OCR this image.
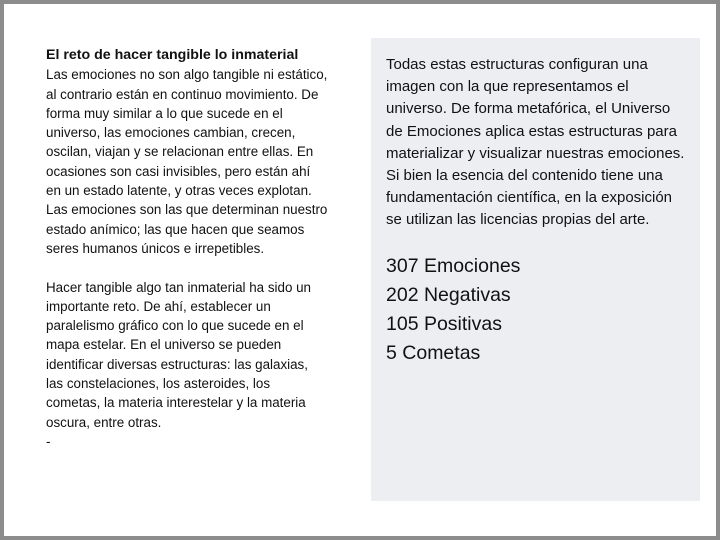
El reto de hacer tangible lo inmaterial

Las emociones no son algo tangible ni estático, al contrario están en continuo movimiento. De forma muy similar a lo que sucede en el universo, las emociones cambian, crecen, oscilan, viajan y se relacionan entre ellas. En ocasiones son casi invisibles, pero están ahí en un estado latente, y otras veces explotan. Las emociones son las que determinan nuestro estado anímico; las que hacen que seamos seres humanos únicos e irrepetibles.

Hacer tangible algo tan inmaterial ha sido un importante reto. De ahí, establecer un paralelismo gráfico con lo que sucede en el mapa estelar. En el universo se pueden identificar diversas estructuras: las galaxias, las constelaciones, los asteroides, los cometas, la materia interestelar y la materia oscura, entre otras.

-

Todas estas estructuras configuran una imagen con la que representamos el universo. De forma metafórica, el Universo de Emociones aplica estas estructuras para materializar y visualizar nuestras emociones. Si bien la esencia del contenido tiene una fundamentación científica, en la exposición se utilizan las licencias propias del arte.

307 Emociones
202 Negativas
105 Positivas
5 Cometas
